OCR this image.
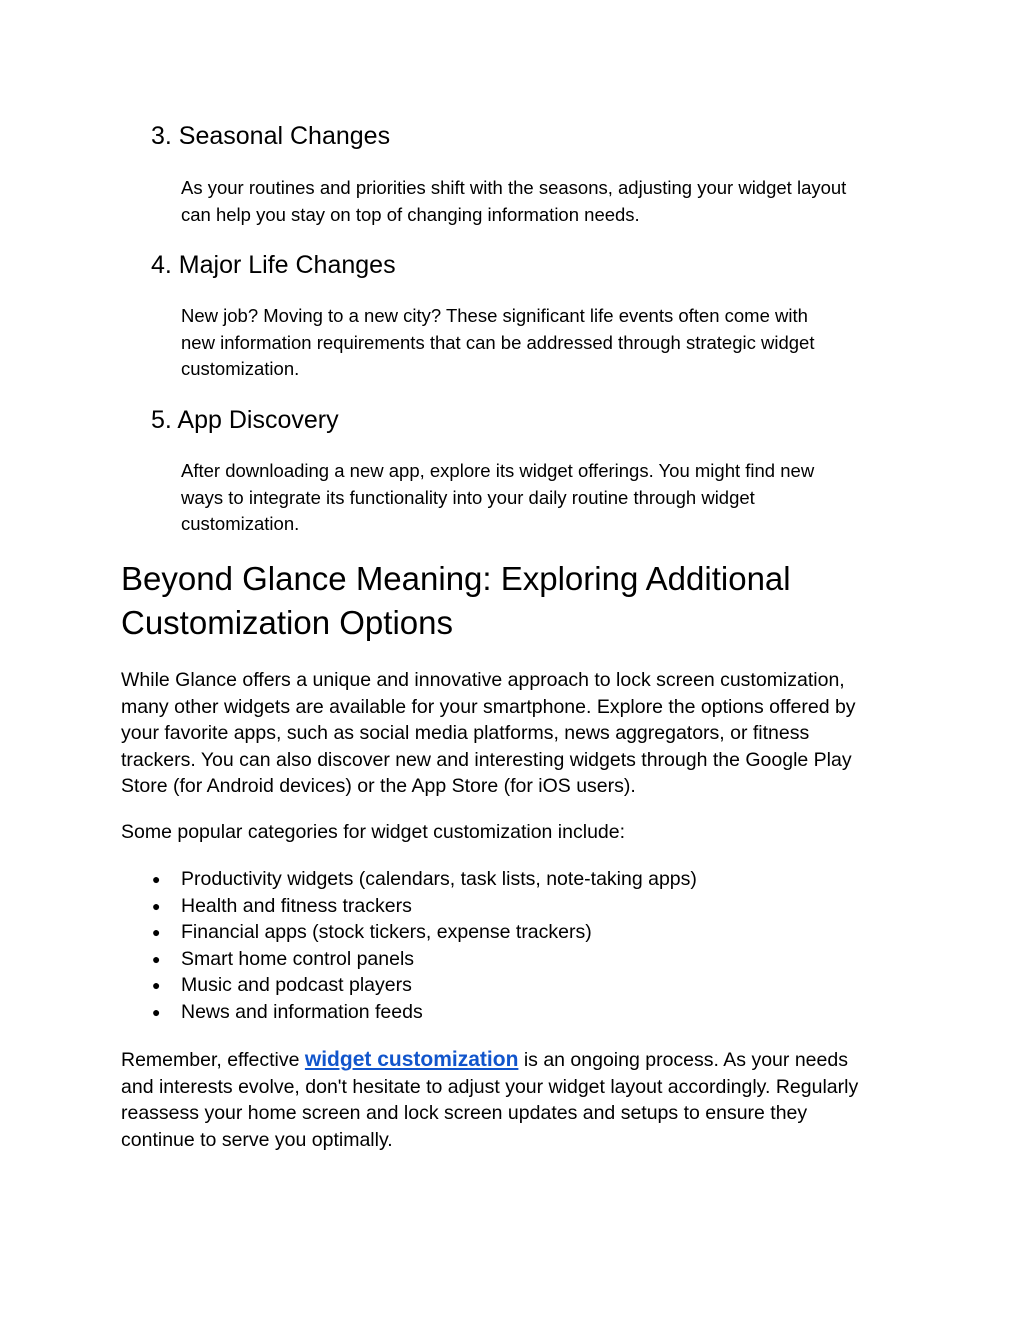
3. Seasonal Changes
As your routines and priorities shift with the seasons, adjusting your widget layout
can help you stay on top of changing information needs.
4. Major Life Changes
New job? Moving to a new city? These significant life events often come with
new information requirements that can be addressed through strategic widget
customization.
5. App Discovery
After downloading a new app, explore its widget offerings. You might find new
ways to integrate its functionality into your daily routine through widget
customization.
Beyond Glance Meaning: Exploring Additional
Customization Options
While Glance offers a unique and innovative approach to lock screen customization,
many other widgets are available for your smartphone. Explore the options offered by
your favorite apps, such as social media platforms, news aggregators, or fitness
trackers. You can also discover new and interesting widgets through the Google Play
Store (for Android devices) or the App Store (for iOS users).
Some popular categories for widget customization include:
● Productivity widgets (calendars, task lists, note-taking apps)
● Health and fitness trackers
● Financial apps (stock tickers, expense trackers)
● Smart home control panels
● Music and podcast players
● News and information feeds
Remember, effective widget customization is an ongoing process. As your needs
and interests evolve, don't hesitate to adjust your widget layout accordingly. Regularly
reassess your home screen and lock screen updates and setups to ensure they
continue to serve you optimally.
